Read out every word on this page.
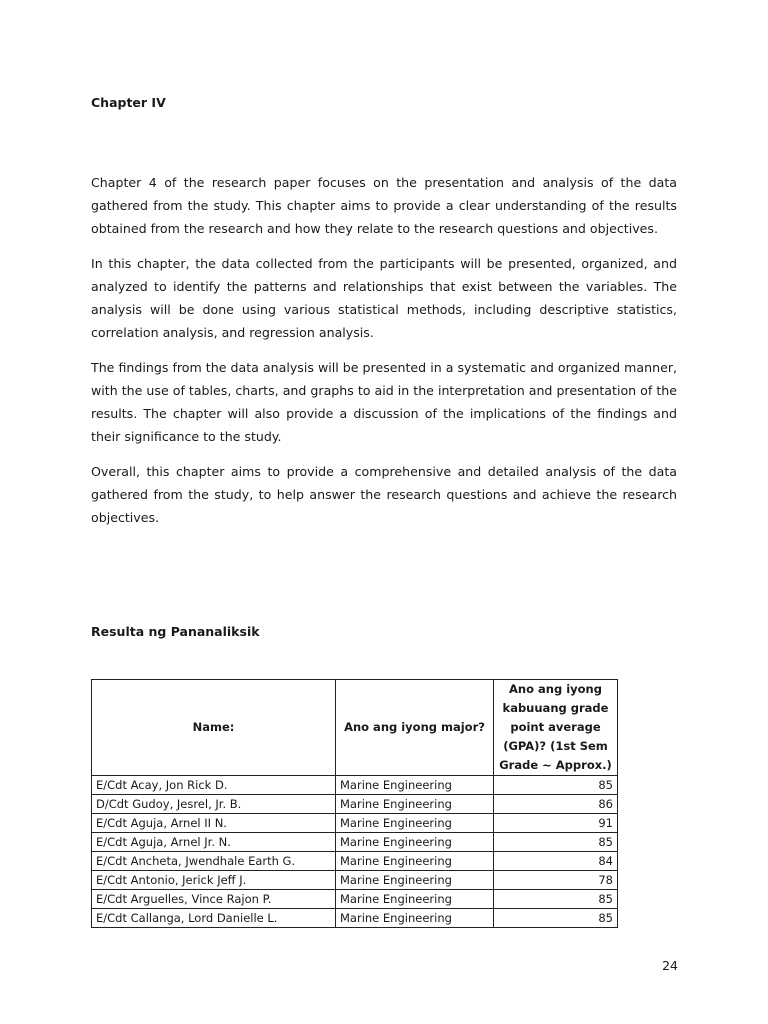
Chapter IV

Chapter 4 of the research paper focuses on the presentation and analysis of the data gathered from the study. This chapter aims to provide a clear understanding of the results obtained from the research and how they relate to the research questions and objectives.

In this chapter, the data collected from the participants will be presented, organized, and analyzed to identify the patterns and relationships that exist between the variables. The analysis will be done using various statistical methods, including descriptive statistics, correlation analysis, and regression analysis.

The findings from the data analysis will be presented in a systematic and organized manner, with the use of tables, charts, and graphs to aid in the interpretation and presentation of the results. The chapter will also provide a discussion of the implications of the findings and their significance to the study.

Overall, this chapter aims to provide a comprehensive and detailed analysis of the data gathered from the study, to help answer the research questions and achieve the research objectives.

Resulta ng Pananaliksik
Name:	Ano ang iyong major?	Ano ang iyong kabuuang grade point average (GPA)? (1st Sem Grade ~ Approx.)
E/Cdt Acay, Jon Rick D.	Marine Engineering	85
D/Cdt Gudoy, Jesrel, Jr. B.	Marine Engineering	86
E/Cdt Aguja, Arnel II N.	Marine Engineering	91
E/Cdt Aguja, Arnel Jr. N.	Marine Engineering	85
E/Cdt Ancheta, Jwendhale Earth G.	Marine Engineering	84
E/Cdt Antonio, Jerick Jeff J.	Marine Engineering	78
E/Cdt Arguelles, Vince Rajon P.	Marine Engineering	85
E/Cdt Callanga, Lord Danielle L.	Marine Engineering	85
24
